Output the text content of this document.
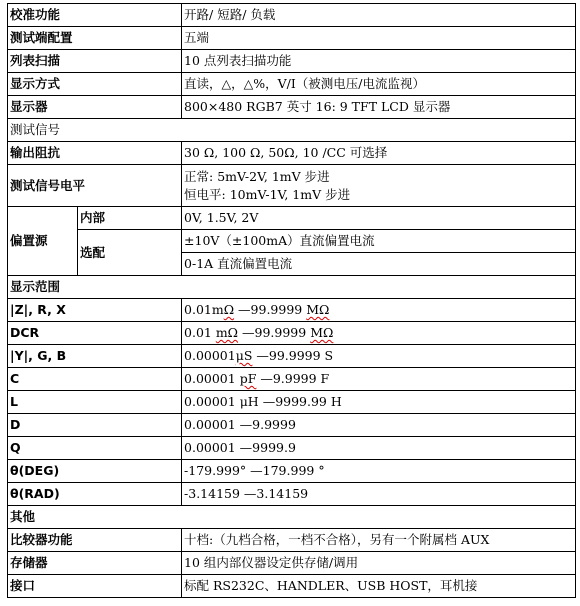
校准功能		开路/ 短路/ 负载
测试端配置		五端
列表扫描		10 点列表扫描功能
显示方式		直读，△，△%，V/I（被测电压/电流监视）
显示器		800×480 RGB7 英寸 16: 9 TFT LCD 显示器
测试信号		
输出阻抗		30 Ω, 100 Ω, 50Ω, 10 /CC 可选择
测试信号电平		正常: 5mV-2V, 1mV 步进
恒电平: 10mV-1V, 1mV 步进

偏置源	内部	0V, 1.5V, 2V
	选配	±10V（±100mA）直流偏置电流
		0-1A 直流偏置电流
显示范围		
|Z|, R, X		0.01mΩ —99.9999 MΩ
DCR		0.01 mΩ —99.9999 MΩ
|Y|, G, B		0.00001μS —99.9999 S
C		0.00001 pF —9.9999 F
L		0.00001 μH —9999.99 H
D		0.00001 —9.9999
Q		0.00001 —9999.9
θ(DEG)		-179.999° —179.999 °
θ(RAD)		-3.14159 —3.14159
其他		
比较器功能		十档:（九档合格，一档不合格），另有一个附属档 AUX
存储器		10 组内部仪器设定供存储/调用
接口		标配 RS232C、HANDLER、USB HOST，耳机接
